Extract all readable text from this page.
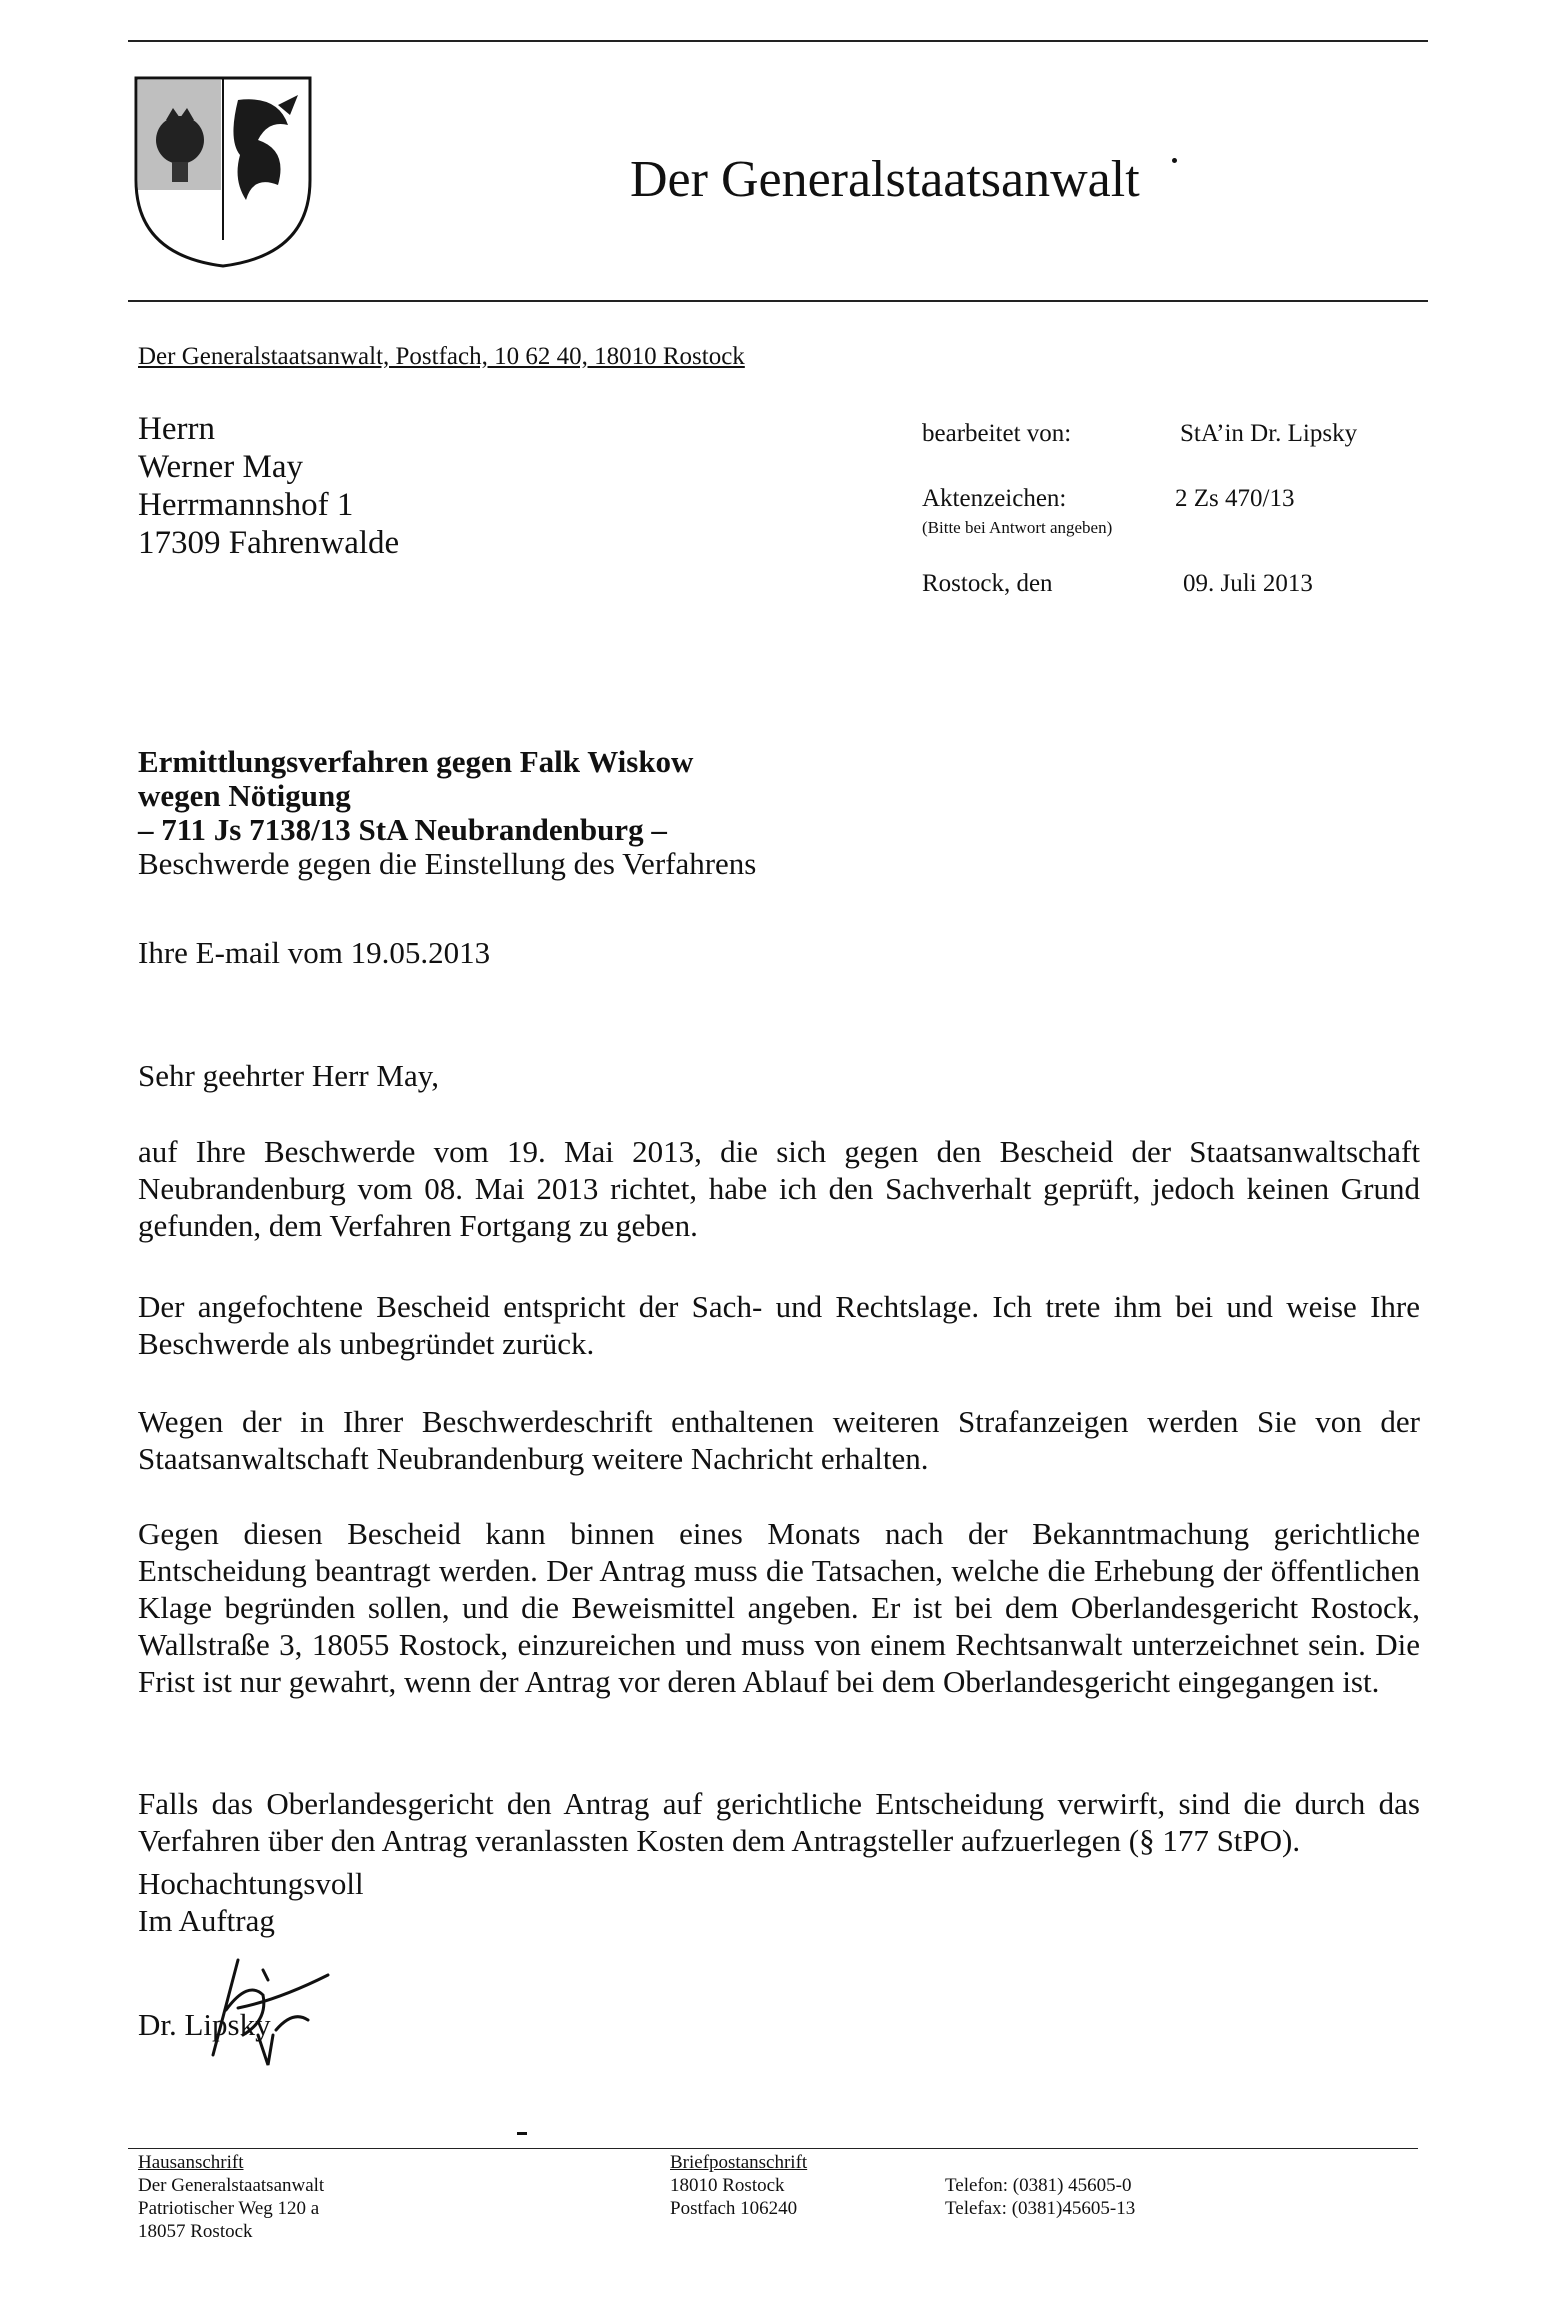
Der Generalstaatsanwalt
Der Generalstaatsanwalt, Postfach, 10 62 40, 18010 Rostock
Herrn
Werner May
Herrmannshof 1
17309 Fahrenwalde
bearbeitet von:	StA’in Dr. Lipsky
Aktenzeichen:	2 Zs 470/13
(Bitte bei Antwort angeben)
Rostock, den	09. Juli 2013
Ermittlungsverfahren gegen Falk Wiskow
wegen Nötigung
– 711 Js 7138/13 StA Neubrandenburg –
Beschwerde gegen die Einstellung des Verfahrens
Ihre E-mail vom 19.05.2013
Sehr geehrter Herr May,
auf Ihre Beschwerde vom 19. Mai 2013, die sich gegen den Bescheid der Staatsanwaltschaft Neubrandenburg vom 08. Mai 2013 richtet, habe ich den Sachverhalt geprüft, jedoch keinen Grund gefunden, dem Verfahren Fortgang zu geben.
Der angefochtene Bescheid entspricht der Sach- und Rechtslage. Ich trete ihm bei und weise Ihre Beschwerde als unbegründet zurück.
Wegen der in Ihrer Beschwerdeschrift enthaltenen weiteren Strafanzeigen werden Sie von der Staatsanwaltschaft Neubrandenburg weitere Nachricht erhalten.
Gegen diesen Bescheid kann binnen eines Monats nach der Bekanntmachung gerichtliche Entscheidung beantragt werden. Der Antrag muss die Tatsachen, welche die Erhebung der öffentlichen Klage begründen sollen, und die Beweismittel angeben. Er ist bei dem Oberlandesgericht Rostock, Wallstraße 3, 18055 Rostock, einzureichen und muss von einem Rechtsanwalt unterzeichnet sein. Die Frist ist nur gewahrt, wenn der Antrag vor deren Ablauf bei dem Oberlandesgericht eingegangen ist.
Falls das Oberlandesgericht den Antrag auf gerichtliche Entscheidung verwirft, sind die durch das Verfahren über den Antrag veranlassten Kosten dem Antragsteller aufzuerlegen (§ 177 StPO).
Hochachtungsvoll
Im Auftrag
Dr. Lipsky
Hausanschrift
Der Generalstaatsanwalt
Patriotischer Weg 120 a
18057 Rostock
Briefpostanschrift
18010 Rostock
Postfach 106240
Telefon: (0381) 45605-0
Telefax: (0381)45605-13
